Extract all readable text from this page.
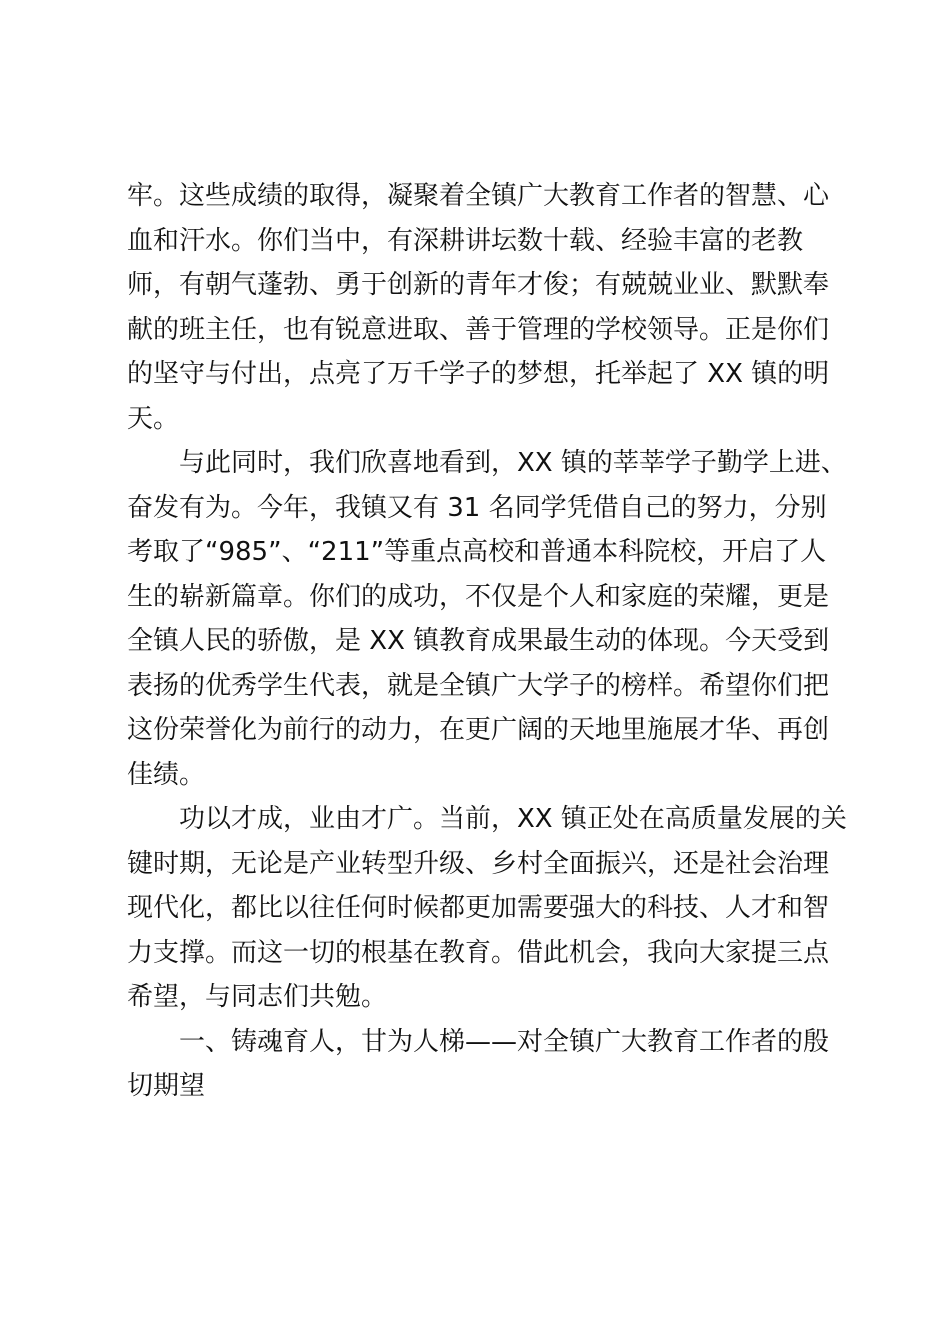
牢。这些成绩的取得，凝聚着全镇广大教育工作者的智慧、心
血和汗水。你们当中，有深耕讲坛数十载、经验丰富的老教
师，有朝气蓬勃、勇于创新的青年才俊；有兢兢业业、默默奉
献的班主任，也有锐意进取、善于管理的学校领导。正是你们
的坚守与付出，点亮了万千学子的梦想，托举起了 XX 镇的明
天。
与此同时，我们欣喜地看到，XX 镇的莘莘学子勤学上进、
奋发有为。今年，我镇又有 31 名同学凭借自己的努力，分别
考取了“985”、“211”等重点高校和普通本科院校，开启了人
生的崭新篇章。你们的成功，不仅是个人和家庭的荣耀，更是
全镇人民的骄傲，是 XX 镇教育成果最生动的体现。今天受到
表扬的优秀学生代表，就是全镇广大学子的榜样。希望你们把
这份荣誉化为前行的动力，在更广阔的天地里施展才华、再创
佳绩。
功以才成，业由才广。当前，XX 镇正处在高质量发展的关
键时期，无论是产业转型升级、乡村全面振兴，还是社会治理
现代化，都比以往任何时候都更加需要强大的科技、人才和智
力支撑。而这一切的根基在教育。借此机会，我向大家提三点
希望，与同志们共勉。
一、铸魂育人，甘为人梯——对全镇广大教育工作者的殷
切期望
